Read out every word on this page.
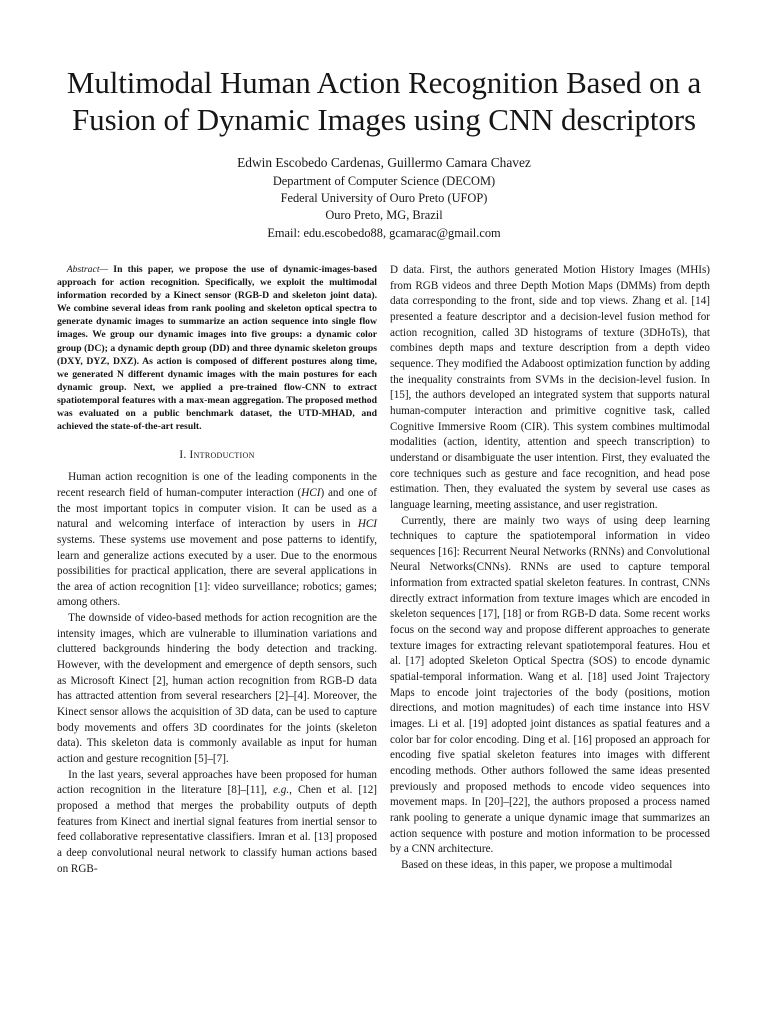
Multimodal Human Action Recognition Based on a Fusion of Dynamic Images using CNN descriptors
Edwin Escobedo Cardenas, Guillermo Camara Chavez
Department of Computer Science (DECOM)
Federal University of Ouro Preto (UFOP)
Ouro Preto, MG, Brazil
Email: edu.escobedo88, gcamarac@gmail.com

Abstract— In this paper, we propose the use of dynamic-images-based approach for action recognition. Specifically, we exploit the multimodal information recorded by a Kinect sensor (RGB-D and skeleton joint data). We combine several ideas from rank pooling and skeleton optical spectra to generate dynamic images to summarize an action sequence into single flow images. We group our dynamic images into five groups: a dynamic color group (DC); a dynamic depth group (DD) and three dynamic skeleton groups (DXY, DYZ, DXZ). As action is composed of different postures along time, we generated N different dynamic images with the main postures for each dynamic group. Next, we applied a pre-trained flow-CNN to extract spatiotemporal features with a max-mean aggregation. The proposed method was evaluated on a public benchmark dataset, the UTD-MHAD, and achieved the state-of-the-art result.

I. Introduction

Human action recognition is one of the leading components in the recent research field of human-computer interaction (HCI) and one of the most important topics in computer vision. It can be used as a natural and welcoming interface of interaction by users in HCI systems. These systems use movement and pose patterns to identify, learn and generalize actions executed by a user. Due to the enormous possibilities for practical application, there are several applications in the area of action recognition [1]: video surveillance; robotics; games; among others.

The downside of video-based methods for action recognition are the intensity images, which are vulnerable to illumination variations and cluttered backgrounds hindering the body detection and tracking. However, with the development and emergence of depth sensors, such as Microsoft Kinect [2], human action recognition from RGB-D data has attracted attention from several researchers [2]–[4]. Moreover, the Kinect sensor allows the acquisition of 3D data, can be used to capture body movements and offers 3D coordinates for the joints (skeleton data). This skeleton data is commonly available as input for human action and gesture recognition [5]–[7].

In the last years, several approaches have been proposed for human action recognition in the literature [8]–[11], e.g., Chen et al. [12] proposed a method that merges the probability outputs of depth features from Kinect and inertial signal features from inertial sensor to feed collaborative representative classifiers. Imran et al. [13] proposed a deep convolutional neural network to classify human actions based on RGB-

D data. First, the authors generated Motion History Images (MHIs) from RGB videos and three Depth Motion Maps (DMMs) from depth data corresponding to the front, side and top views. Zhang et al. [14] presented a feature descriptor and a decision-level fusion method for action recognition, called 3D histograms of texture (3DHoTs), that combines depth maps and texture description from a depth video sequence. They modified the Adaboost optimization function by adding the inequality constraints from SVMs in the decision-level fusion. In [15], the authors developed an integrated system that supports natural human-computer interaction and primitive cognitive task, called Cognitive Immersive Room (CIR). This system combines multimodal modalities (action, identity, attention and speech transcription) to understand or disambiguate the user intention. First, they evaluated the core techniques such as gesture and face recognition, and head pose estimation. Then, they evaluated the system by several use cases as language learning, meeting assistance, and user registration.

Currently, there are mainly two ways of using deep learning techniques to capture the spatiotemporal information in video sequences [16]: Recurrent Neural Networks (RNNs) and Convolutional Neural Networks(CNNs). RNNs are used to capture temporal information from extracted spatial skeleton features. In contrast, CNNs directly extract information from texture images which are encoded in skeleton sequences [17], [18] or from RGB-D data. Some recent works focus on the second way and propose different approaches to generate texture images for extracting relevant spatiotemporal features. Hou et al. [17] adopted Skeleton Optical Spectra (SOS) to encode dynamic spatial-temporal information. Wang et al. [18] used Joint Trajectory Maps to encode joint trajectories of the body (positions, motion directions, and motion magnitudes) of each time instance into HSV images. Li et al. [19] adopted joint distances as spatial features and a color bar for color encoding. Ding et al. [16] proposed an approach for encoding five spatial skeleton features into images with different encoding methods. Other authors followed the same ideas presented previously and proposed methods to encode video sequences into movement maps. In [20]–[22], the authors proposed a process named rank pooling to generate a unique dynamic image that summarizes an action sequence with posture and motion information to be processed by a CNN architecture.

Based on these ideas, in this paper, we propose a multimodal
